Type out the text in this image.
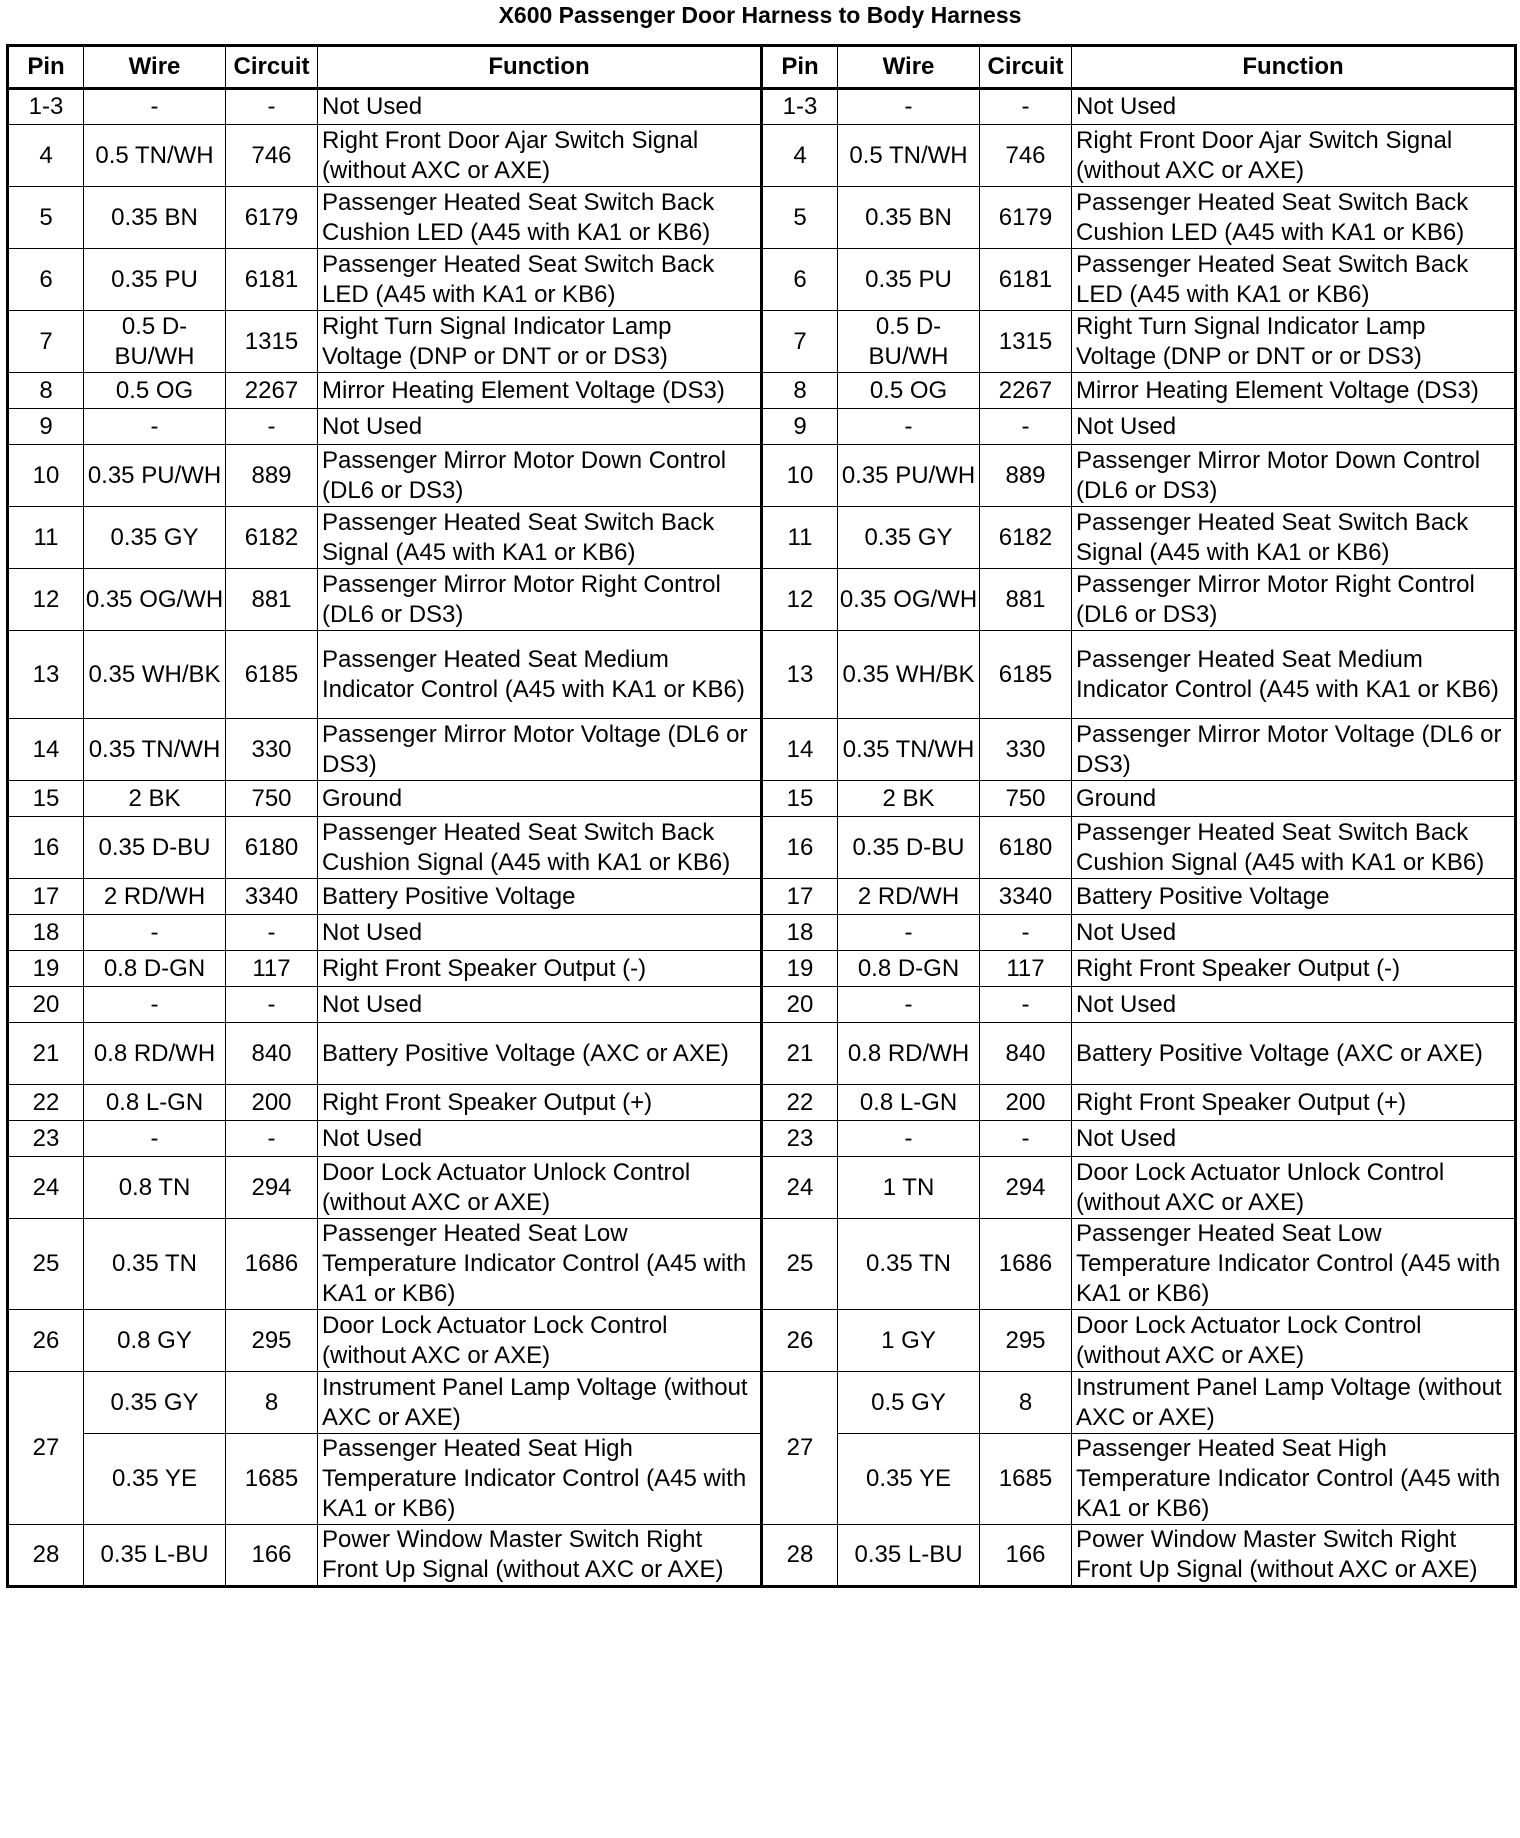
X600 Passenger Door Harness to Body Harness
Pin	Wire	Circuit	Function	Pin	Wire	Circuit	Function
1-3	-	-	Not Used	1-3	-	-	Not Used
4	0.5 TN/WH	746	Right Front Door Ajar Switch Signal (without AXC or AXE)	4	0.5 TN/WH	746	Right Front Door Ajar Switch Signal (without AXC or AXE)
5	0.35 BN	6179	Passenger Heated Seat Switch Back Cushion LED (A45 with KA1 or KB6)	5	0.35 BN	6179	Passenger Heated Seat Switch Back Cushion LED (A45 with KA1 or KB6)
6	0.35 PU	6181	Passenger Heated Seat Switch Back LED (A45 with KA1 or KB6)	6	0.35 PU	6181	Passenger Heated Seat Switch Back LED (A45 with KA1 or KB6)
7	0.5 D-BU/WH	1315	Right Turn Signal Indicator Lamp Voltage (DNP or DNT or or DS3)	7	0.5 D-BU/WH	1315	Right Turn Signal Indicator Lamp Voltage (DNP or DNT or or DS3)
8	0.5 OG	2267	Mirror Heating Element Voltage (DS3)	8	0.5 OG	2267	Mirror Heating Element Voltage (DS3)
9	-	-	Not Used	9	-	-	Not Used
10	0.35 PU/WH	889	Passenger Mirror Motor Down Control (DL6 or DS3)	10	0.35 PU/WH	889	Passenger Mirror Motor Down Control (DL6 or DS3)
11	0.35 GY	6182	Passenger Heated Seat Switch Back Signal (A45 with KA1 or KB6)	11	0.35 GY	6182	Passenger Heated Seat Switch Back Signal (A45 with KA1 or KB6)
12	0.35 OG/WH	881	Passenger Mirror Motor Right Control (DL6 or DS3)	12	0.35 OG/WH	881	Passenger Mirror Motor Right Control (DL6 or DS3)
13	0.35 WH/BK	6185	Passenger Heated Seat Medium Indicator Control (A45 with KA1 or KB6)	13	0.35 WH/BK	6185	Passenger Heated Seat Medium Indicator Control (A45 with KA1 or KB6)
14	0.35 TN/WH	330	Passenger Mirror Motor Voltage (DL6 or DS3)	14	0.35 TN/WH	330	Passenger Mirror Motor Voltage (DL6 or DS3)
15	2 BK	750	Ground	15	2 BK	750	Ground
16	0.35 D-BU	6180	Passenger Heated Seat Switch Back Cushion Signal (A45 with KA1 or KB6)	16	0.35 D-BU	6180	Passenger Heated Seat Switch Back Cushion Signal (A45 with KA1 or KB6)
17	2 RD/WH	3340	Battery Positive Voltage	17	2 RD/WH	3340	Battery Positive Voltage
18	-	-	Not Used	18	-	-	Not Used
19	0.8 D-GN	117	Right Front Speaker Output (-)	19	0.8 D-GN	117	Right Front Speaker Output (-)
20	-	-	Not Used	20	-	-	Not Used
21	0.8 RD/WH	840	Battery Positive Voltage (AXC or AXE)	21	0.8 RD/WH	840	Battery Positive Voltage (AXC or AXE)
22	0.8 L-GN	200	Right Front Speaker Output (+)	22	0.8 L-GN	200	Right Front Speaker Output (+)
23	-	-	Not Used	23	-	-	Not Used
24	0.8 TN	294	Door Lock Actuator Unlock Control (without AXC or AXE)	24	1 TN	294	Door Lock Actuator Unlock Control (without AXC or AXE)
25	0.35 TN	1686	Passenger Heated Seat Low Temperature Indicator Control (A45 with KA1 or KB6)	25	0.35 TN	1686	Passenger Heated Seat Low Temperature Indicator Control (A45 with KA1 or KB6)
26	0.8 GY	295	Door Lock Actuator Lock Control (without AXC or AXE)	26	1 GY	295	Door Lock Actuator Lock Control (without AXC or AXE)
27	0.35 GY	8	Instrument Panel Lamp Voltage (without AXC or AXE)	27	0.5 GY	8	Instrument Panel Lamp Voltage (without AXC or AXE)
	0.35 YE	1685	Passenger Heated Seat High Temperature Indicator Control (A45 with KA1 or KB6)		0.35 YE	1685	Passenger Heated Seat High Temperature Indicator Control (A45 with KA1 or KB6)
28	0.35 L-BU	166	Power Window Master Switch Right Front Up Signal (without AXC or AXE)	28	0.35 L-BU	166	Power Window Master Switch Right Front Up Signal (without AXC or AXE)
